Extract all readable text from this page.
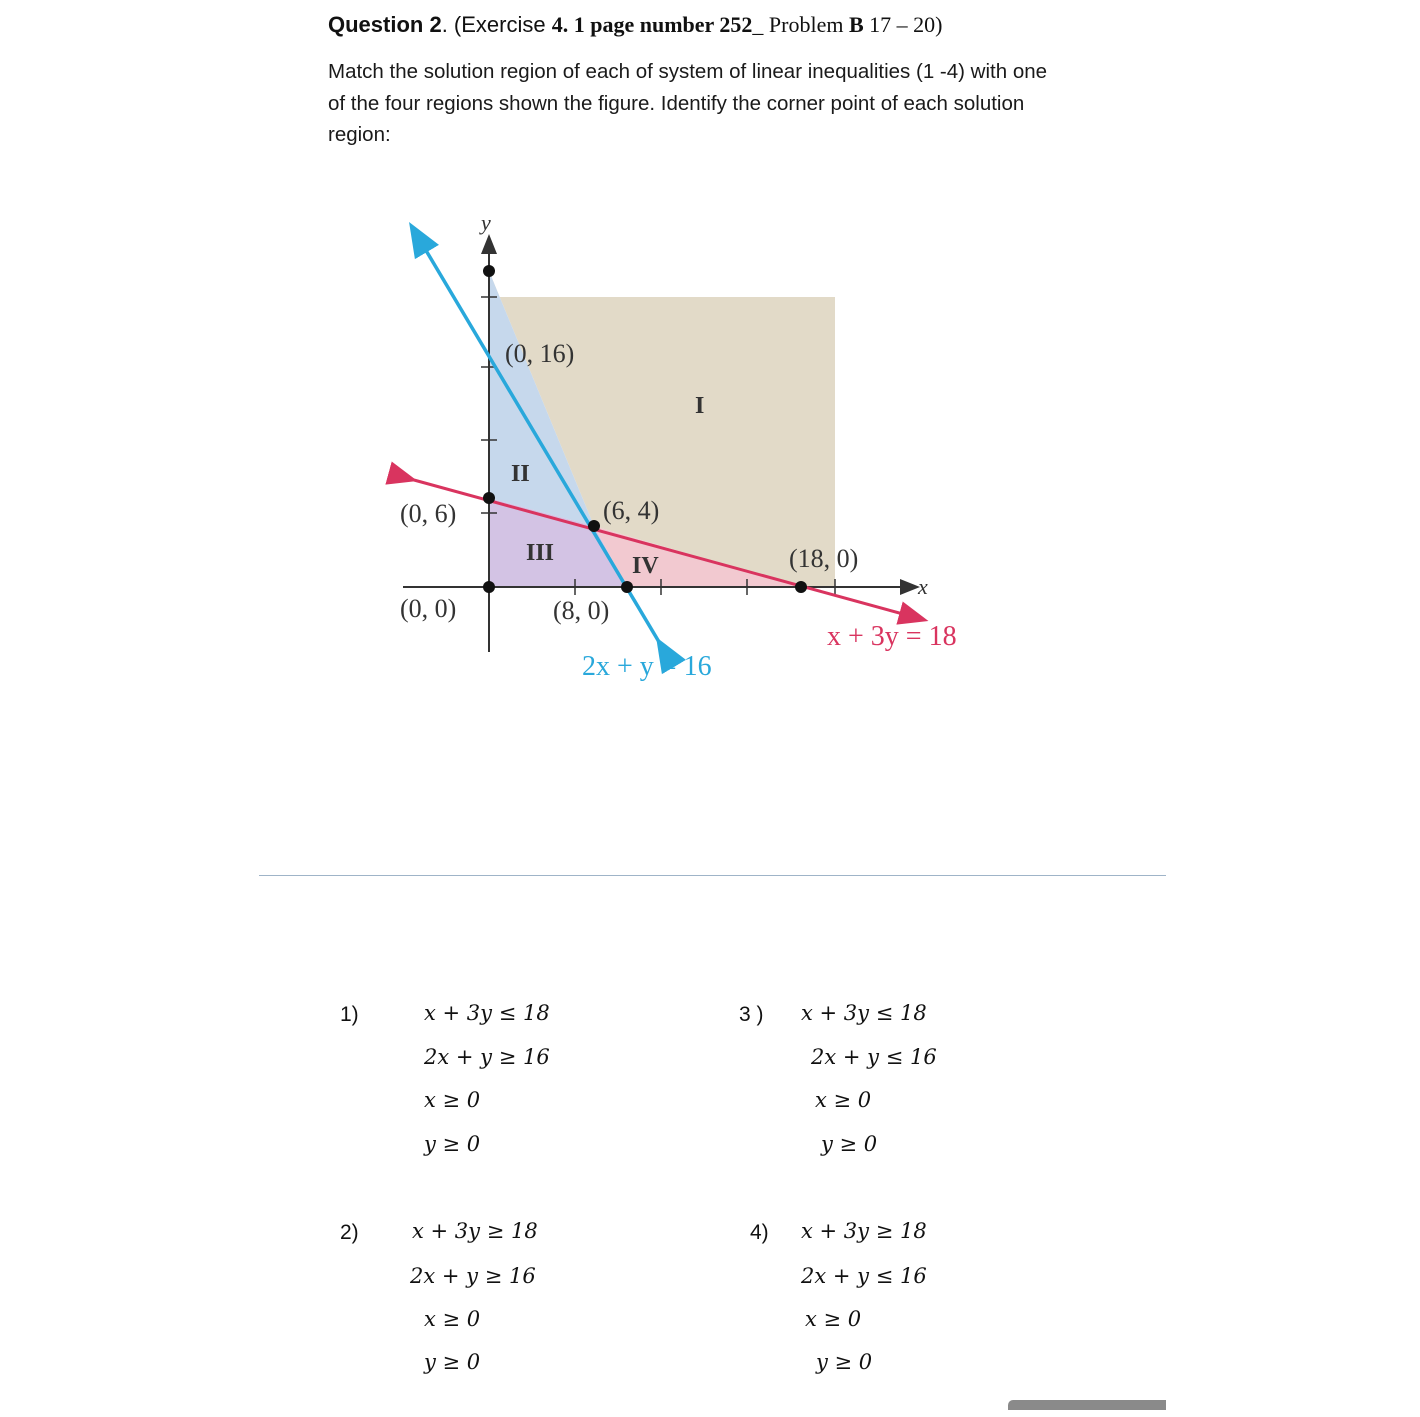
Question 2. (Exercise 4. 1 page number 252_ Problem B 17 – 20)
Match the solution region of each of system of linear inequalities (1 -4) with one
of the four regions shown the figure. Identify the corner point of each solution
region:
y
x
(0, 16)
(0, 6)	(6, 4)
(18, 0)
(0, 0)	(8, 0)
I
II
III	IV
2x + y = 16
x + 3y = 18
1)	x + 3y ≤ 18
2x + y ≥ 16
x ≥ 0
y ≥ 0
2)	x + 3y ≥ 18
2x + y ≥ 16
x ≥ 0
y ≥ 0
3 ) x + 3y ≤ 18
2x + y ≤ 16
x ≥ 0
y ≥ 0
4) x + 3y ≥ 18
2x + y ≤ 16
x ≥ 0
y ≥ 0
